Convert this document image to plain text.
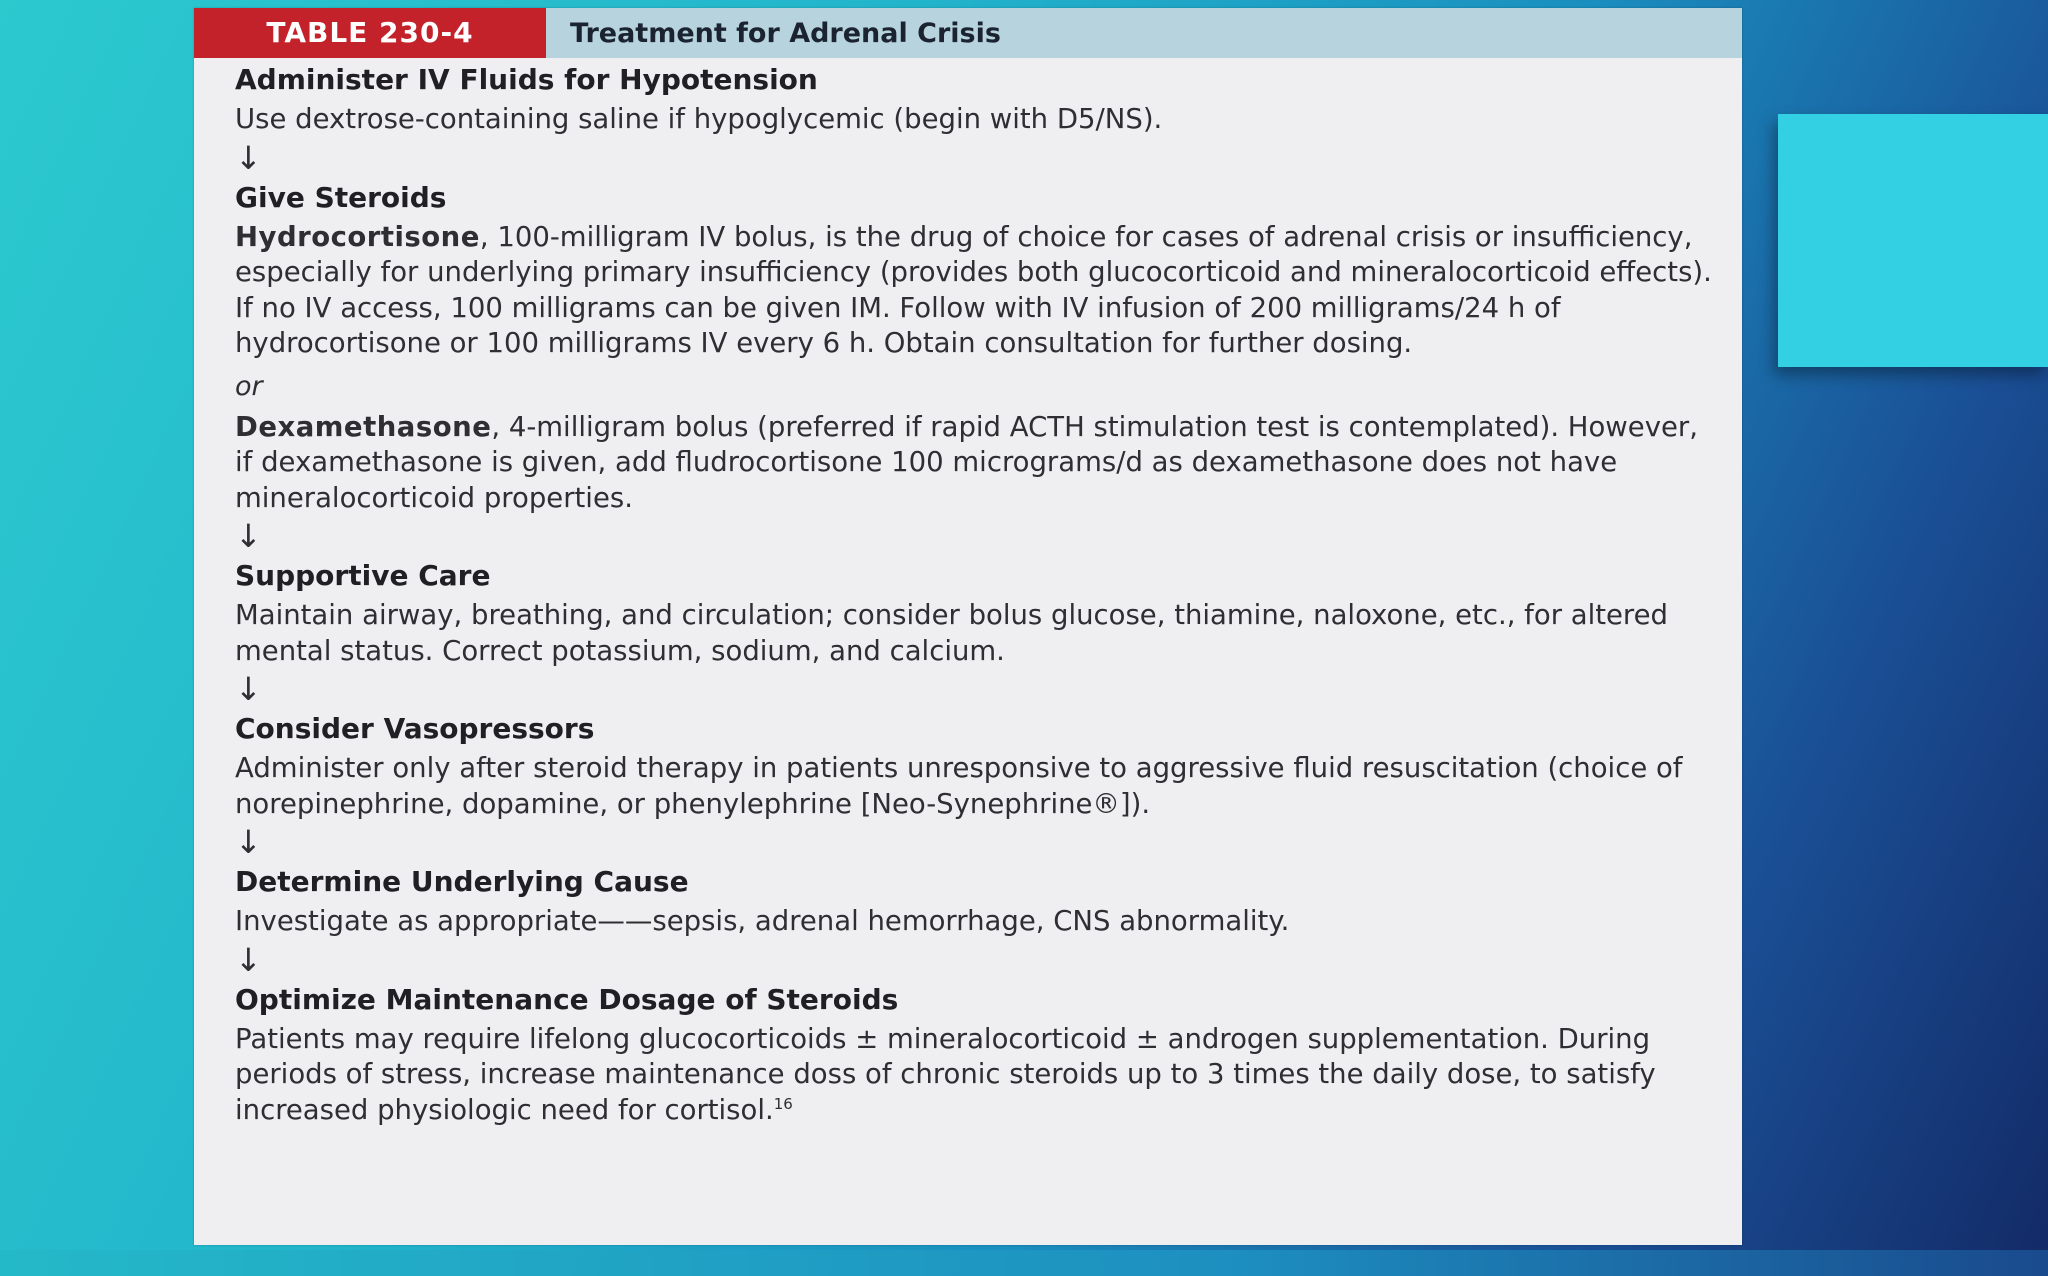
TABLE 230-4	Treatment for Adrenal Crisis
Administer IV Fluids for Hypotension
Use dextrose-containing saline if hypoglycemic (begin with D5/NS).
↓
Give Steroids
Hydrocortisone, 100-milligram IV bolus, is the drug of choice for cases of adrenal crisis or insufficiency, especially for underlying primary insufficiency (provides both glucocorticoid and mineralocorticoid effects). If no IV access, 100 milligrams can be given IM. Follow with IV infusion of 200 milligrams/24 h of hydrocortisone or 100 milligrams IV every 6 h. Obtain consultation for further dosing.
or
Dexamethasone, 4-milligram bolus (preferred if rapid ACTH stimulation test is contemplated). However, if dexamethasone is given, add fludrocortisone 100 micrograms/d as dexamethasone does not have mineralocorticoid properties.
↓
Supportive Care
Maintain airway, breathing, and circulation; consider bolus glucose, thiamine, naloxone, etc., for altered mental status. Correct potassium, sodium, and calcium.
↓
Consider Vasopressors
Administer only after steroid therapy in patients unresponsive to aggressive fluid resuscitation (choice of norepinephrine, dopamine, or phenylephrine [Neo-Synephrine®]).
↓
Determine Underlying Cause
Investigate as appropriate——sepsis, adrenal hemorrhage, CNS abnormality.
↓
Optimize Maintenance Dosage of Steroids
Patients may require lifelong glucocorticoids ± mineralocorticoid ± androgen supplementation. During periods of stress, increase maintenance doss of chronic steroids up to 3 times the daily dose, to satisfy increased physiologic need for cortisol.$^{16}$
